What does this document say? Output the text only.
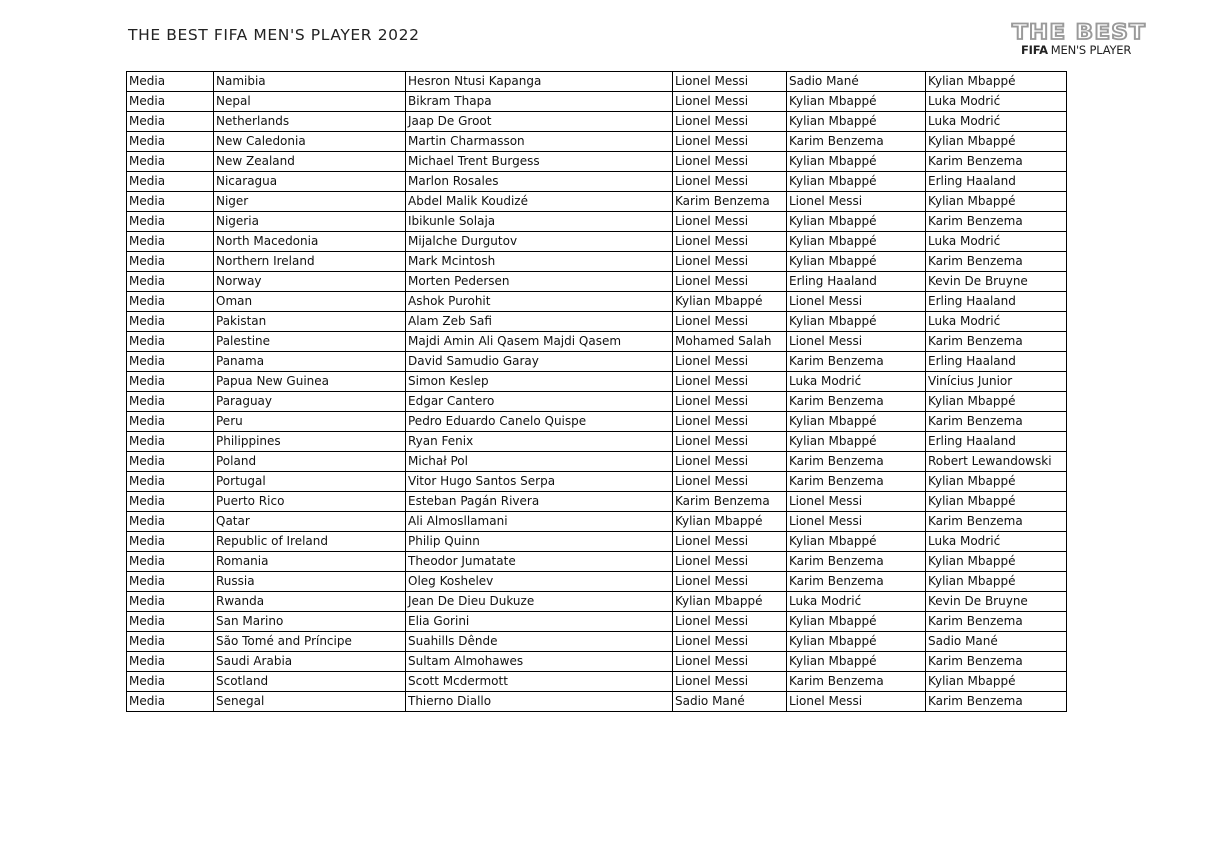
THE BEST FIFA MEN'S PLAYER 2022	THE BEST
FIFA MEN'S PLAYER
Media	Namibia	Hesron Ntusi Kapanga	Lionel Messi	Sadio Mané	Kylian Mbappé
Media	Nepal	Bikram Thapa	Lionel Messi	Kylian Mbappé	Luka Modrić
Media	Netherlands	Jaap De Groot	Lionel Messi	Kylian Mbappé	Luka Modrić
Media	New Caledonia	Martin Charmasson	Lionel Messi	Karim Benzema	Kylian Mbappé
Media	New Zealand	Michael Trent Burgess	Lionel Messi	Kylian Mbappé	Karim Benzema
Media	Nicaragua	Marlon Rosales	Lionel Messi	Kylian Mbappé	Erling Haaland
Media	Niger	Abdel Malik Koudizé	Karim Benzema	Lionel Messi	Kylian Mbappé
Media	Nigeria	Ibikunle Solaja	Lionel Messi	Kylian Mbappé	Karim Benzema
Media	North Macedonia	Mijalche Durgutov	Lionel Messi	Kylian Mbappé	Luka Modrić
Media	Northern Ireland	Mark Mcintosh	Lionel Messi	Kylian Mbappé	Karim Benzema
Media	Norway	Morten Pedersen	Lionel Messi	Erling Haaland	Kevin De Bruyne
Media	Oman	Ashok Purohit	Kylian Mbappé	Lionel Messi	Erling Haaland
Media	Pakistan	Alam Zeb Safi	Lionel Messi	Kylian Mbappé	Luka Modrić
Media	Palestine	Majdi Amin Ali Qasem Majdi Qasem	Mohamed Salah	Lionel Messi	Karim Benzema
Media	Panama	David Samudio Garay	Lionel Messi	Karim Benzema	Erling Haaland
Media	Papua New Guinea	Simon Keslep	Lionel Messi	Luka Modrić	Vinícius Junior
Media	Paraguay	Edgar Cantero	Lionel Messi	Karim Benzema	Kylian Mbappé
Media	Peru	Pedro Eduardo Canelo Quispe	Lionel Messi	Kylian Mbappé	Karim Benzema
Media	Philippines	Ryan Fenix	Lionel Messi	Kylian Mbappé	Erling Haaland
Media	Poland	Michał Pol	Lionel Messi	Karim Benzema	Robert Lewandowski
Media	Portugal	Vitor Hugo Santos Serpa	Lionel Messi	Karim Benzema	Kylian Mbappé
Media	Puerto Rico	Esteban Pagán Rivera	Karim Benzema	Lionel Messi	Kylian Mbappé
Media	Qatar	Ali Almosllamani	Kylian Mbappé	Lionel Messi	Karim Benzema
Media	Republic of Ireland	Philip Quinn	Lionel Messi	Kylian Mbappé	Luka Modrić
Media	Romania	Theodor Jumatate	Lionel Messi	Karim Benzema	Kylian Mbappé
Media	Russia	Oleg Koshelev	Lionel Messi	Karim Benzema	Kylian Mbappé
Media	Rwanda	Jean De Dieu Dukuze	Kylian Mbappé	Luka Modrić	Kevin De Bruyne
Media	San Marino	Elia Gorini	Lionel Messi	Kylian Mbappé	Karim Benzema
Media	São Tomé and Príncipe	Suahills Dênde	Lionel Messi	Kylian Mbappé	Sadio Mané
Media	Saudi Arabia	Sultam Almohawes	Lionel Messi	Kylian Mbappé	Karim Benzema
Media	Scotland	Scott Mcdermott	Lionel Messi	Karim Benzema	Kylian Mbappé
Media	Senegal	Thierno Diallo	Sadio Mané	Lionel Messi	Karim Benzema
